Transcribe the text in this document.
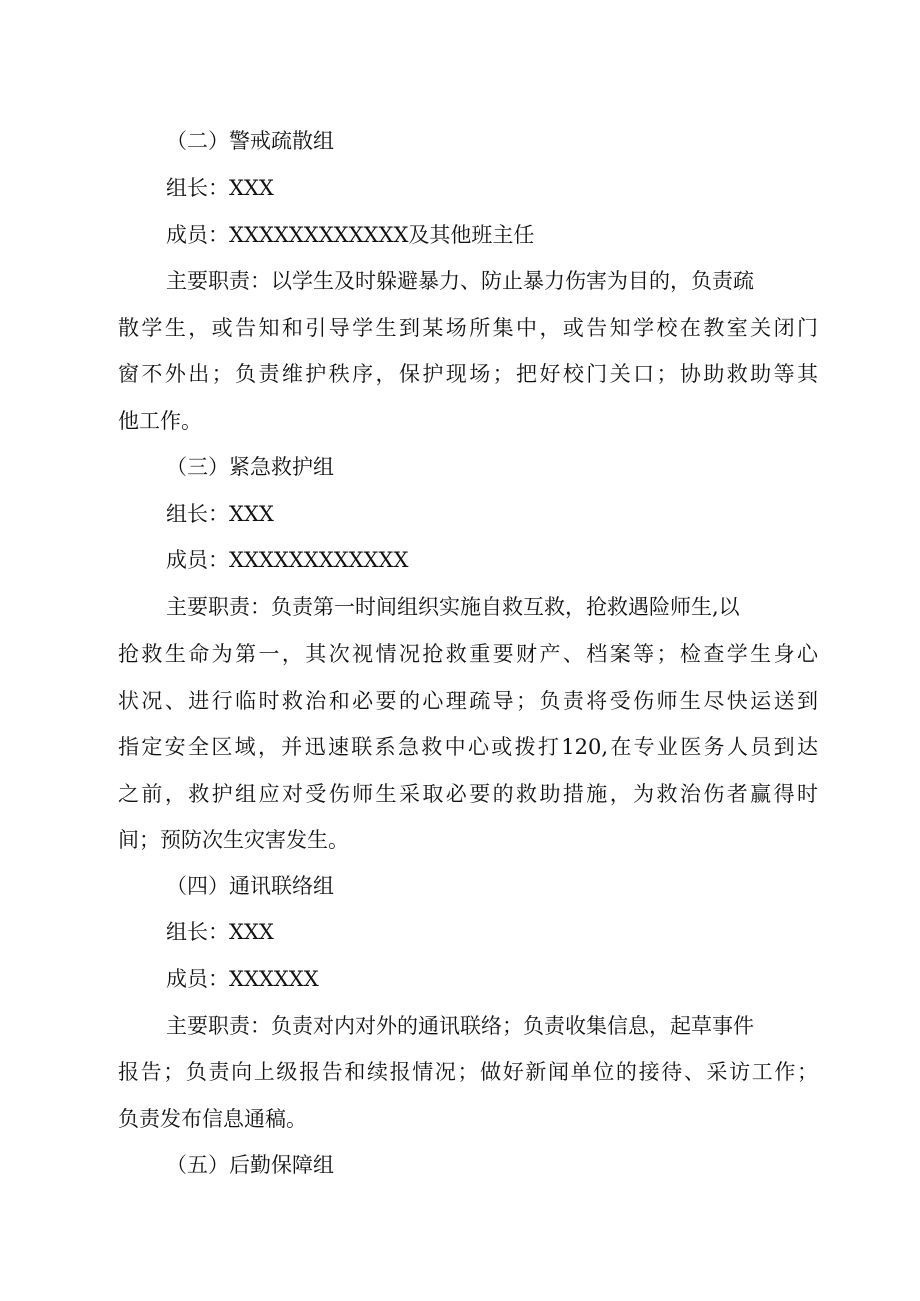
（二）警戒疏散组

组长：XXX

成员：XXXXXXXXXXXX及其他班主任

主要职责：以学生及时躲避暴力、防止暴力伤害为目的，负责疏

散学生，或告知和引导学生到某场所集中，或告知学校在教室关闭门

窗不外出；负责维护秩序，保护现场；把好校门关口；协助救助等其

他工作。

（三）紧急救护组

组长：XXX

成员：XXXXXXXXXXXX

主要职责：负责第一时间组织实施自救互救，抢救遇险师生,以

抢救生命为第一，其次视情况抢救重要财产、档案等；检查学生身心

状况、进行临时救治和必要的心理疏导；负责将受伤师生尽快运送到

指定安全区域，并迅速联系急救中心或拨打120,在专业医务人员到达

之前，救护组应对受伤师生采取必要的救助措施，为救治伤者赢得时

间；预防次生灾害发生。

（四）通讯联络组

组长：XXX

成员：XXXXXX

主要职责：负责对内对外的通讯联络；负责收集信息，起草事件

报告；负责向上级报告和续报情况；做好新闻单位的接待、采访工作；

负责发布信息通稿。

（五）后勤保障组
